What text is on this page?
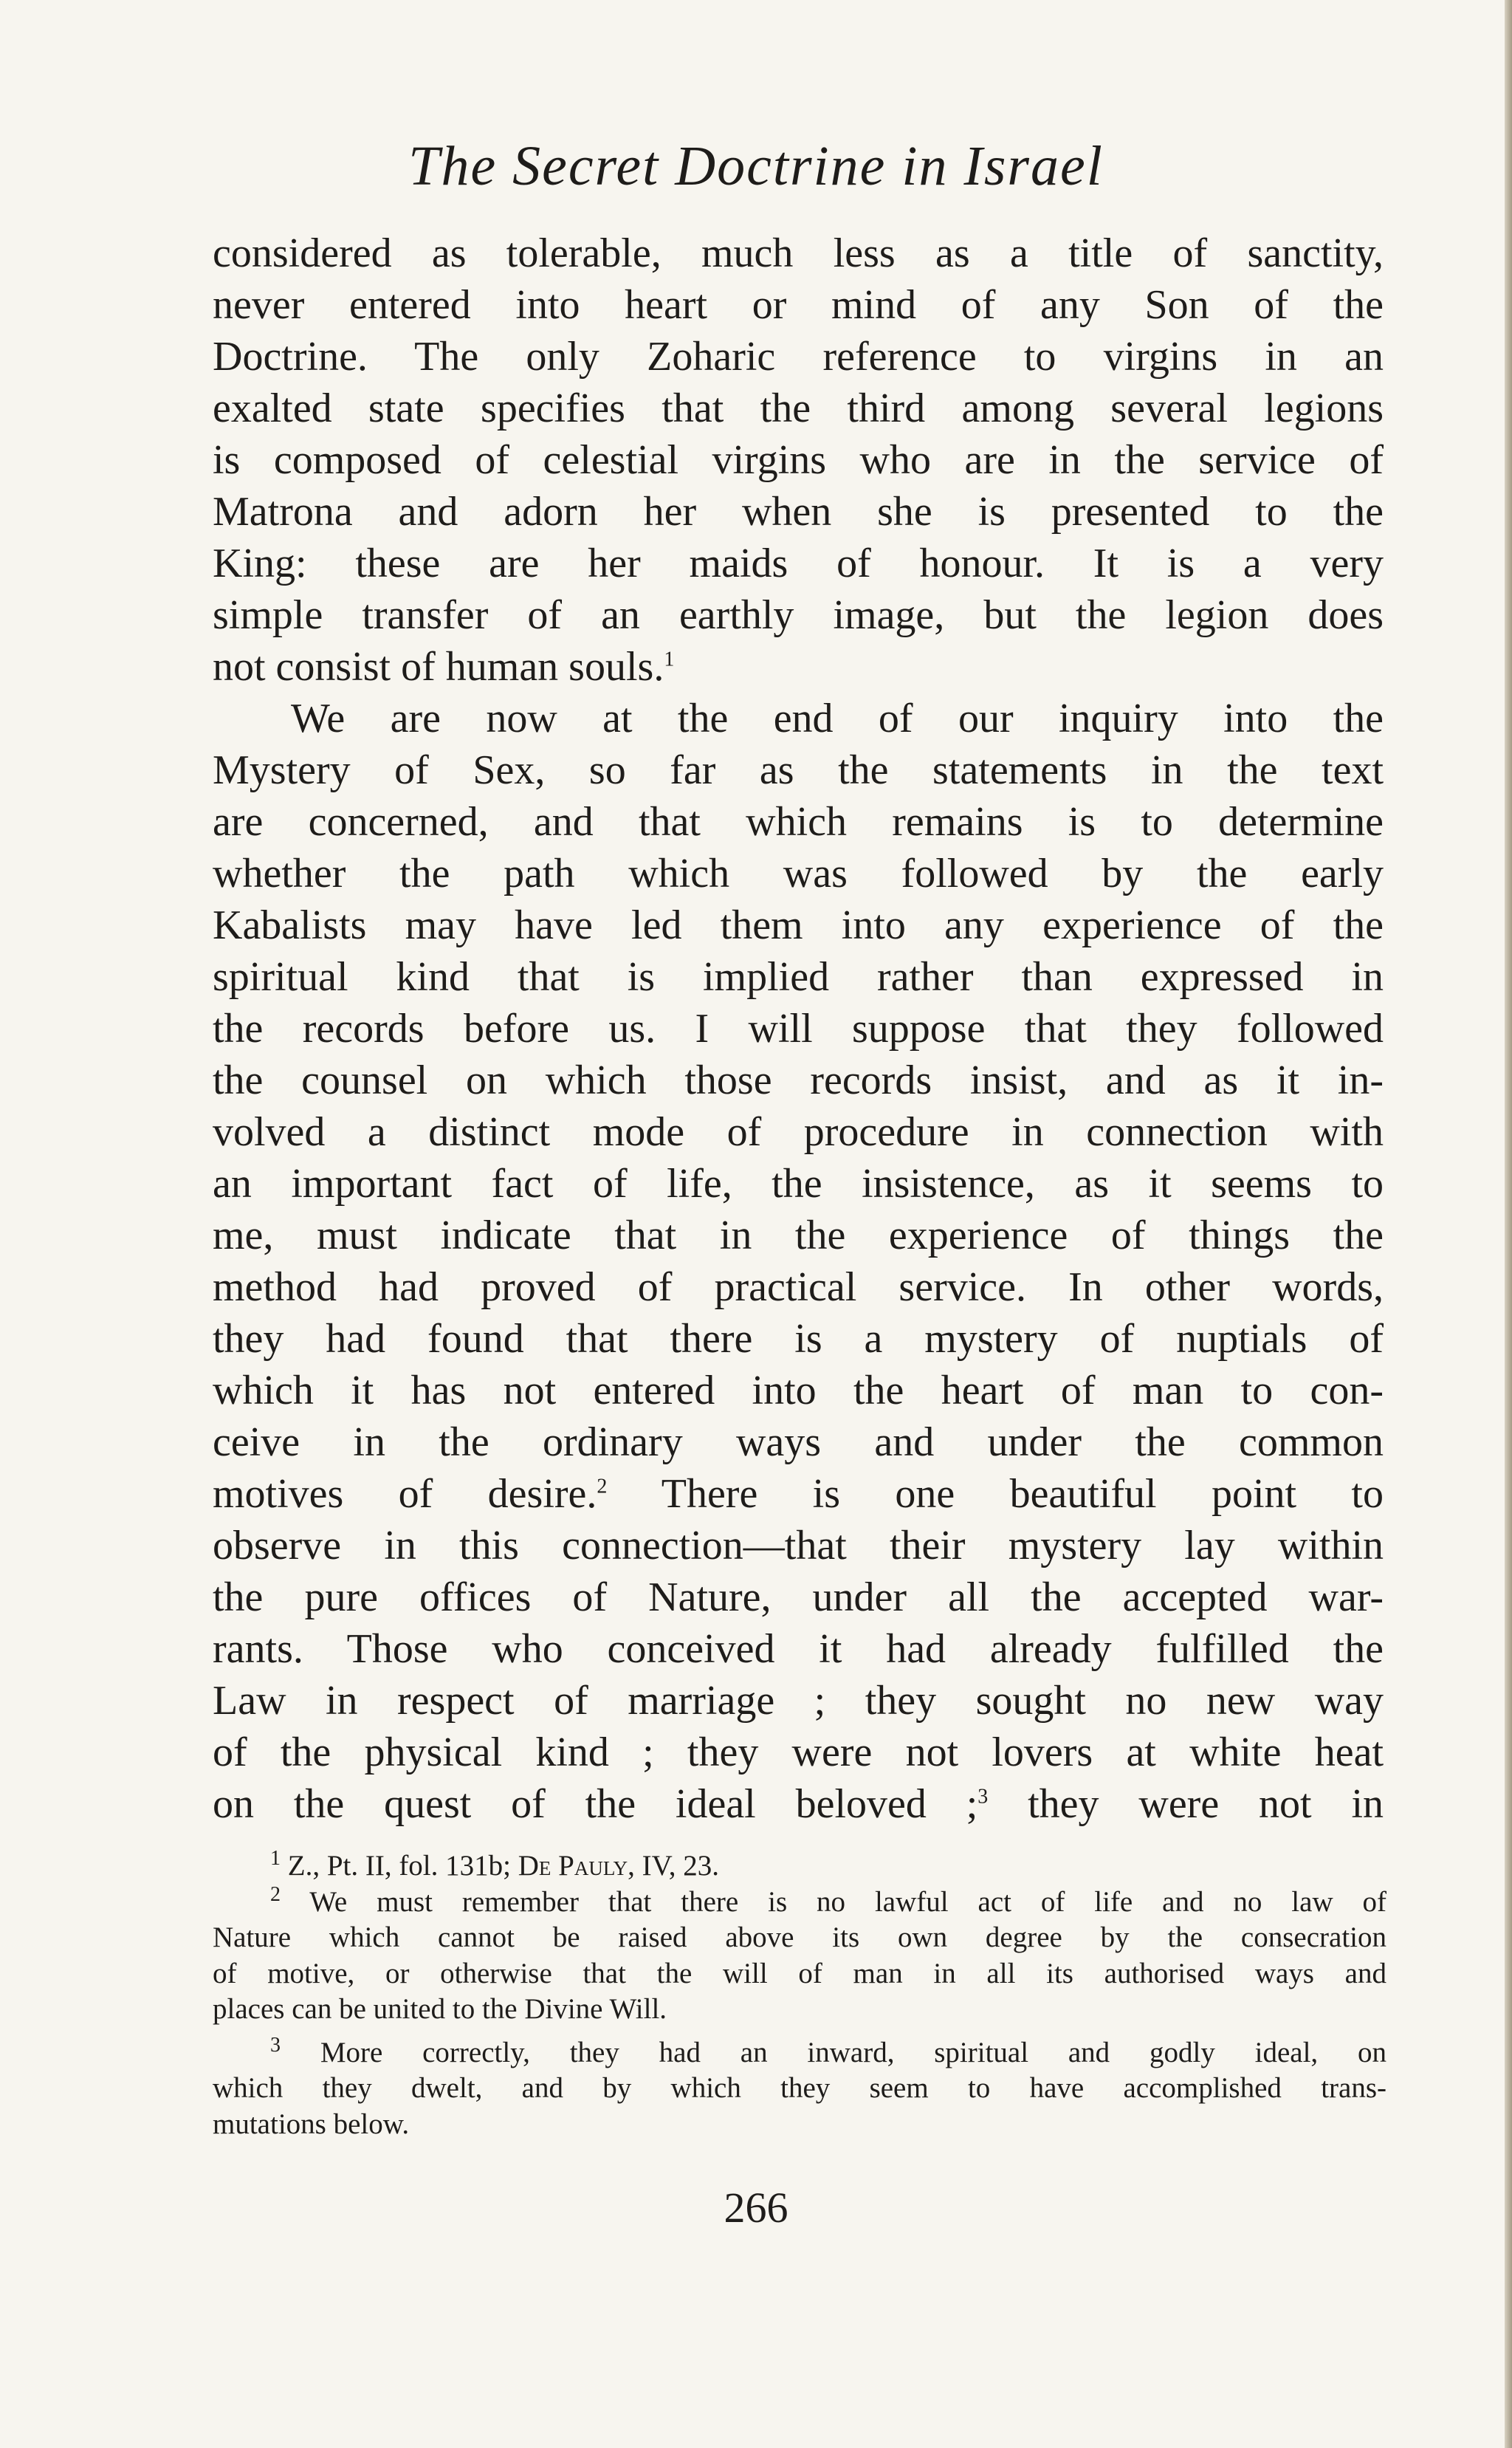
The Secret Doctrine in Israel
considered as tolerable, much less as a title of sanctity,
never entered into heart or mind of any Son of the
Doctrine. The only Zoharic reference to virgins in an
exalted state specifies that the third among several legions
is composed of celestial virgins who are in the service of
Matrona and adorn her when she is presented to the
King: these are her maids of honour. It is a very
simple transfer of an earthly image, but the legion does
not consist of human souls.$^1$
We are now at the end of our inquiry into the
Mystery of Sex, so far as the statements in the text
are concerned, and that which remains is to determine
whether the path which was followed by the early
Kabalists may have led them into any experience of the
spiritual kind that is implied rather than expressed in
the records before us. I will suppose that they followed
the counsel on which those records insist, and as it in-
volved a distinct mode of procedure in connection with
an important fact of life, the insistence, as it seems to
me, must indicate that in the experience of things the
method had proved of practical service. In other words,
they had found that there is a mystery of nuptials of
which it has not entered into the heart of man to con-
ceive in the ordinary ways and under the common
motives of desire.$^2$ There is one beautiful point to
observe in this connection—that their mystery lay within
the pure offices of Nature, under all the accepted war-
rants. Those who conceived it had already fulfilled the
Law in respect of marriage ; they sought no new way
of the physical kind ; they were not lovers at white heat
on the quest of the ideal beloved ;$^3$ they were not in
$^1$ Z., Pt. II, fol. 131b; De Pauly, IV, 23.
$^2$ We must remember that there is no lawful act of life and no law of
Nature which cannot be raised above its own degree by the consecration
of motive, or otherwise that the will of man in all its authorised ways and
places can be united to the Divine Will.
$^3$ More correctly, they had an inward, spiritual and godly ideal, on
which they dwelt, and by which they seem to have accomplished trans-
mutations below.
266
